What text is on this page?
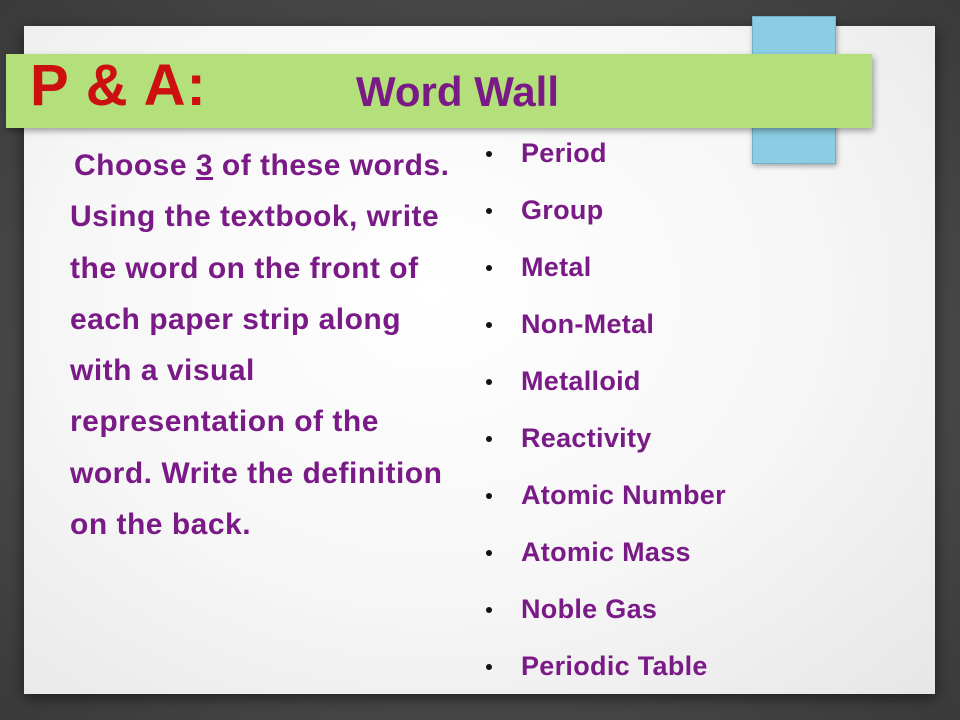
P & A:	Word Wall
Choose 3 of these words. Using the textbook, write the word on the front of each paper strip along with a visual representation of the word. Write the definition on the back.
Period
Group
Metal
Non-Metal
Metalloid
Reactivity
Atomic Number
Atomic Mass
Noble Gas
Periodic Table
